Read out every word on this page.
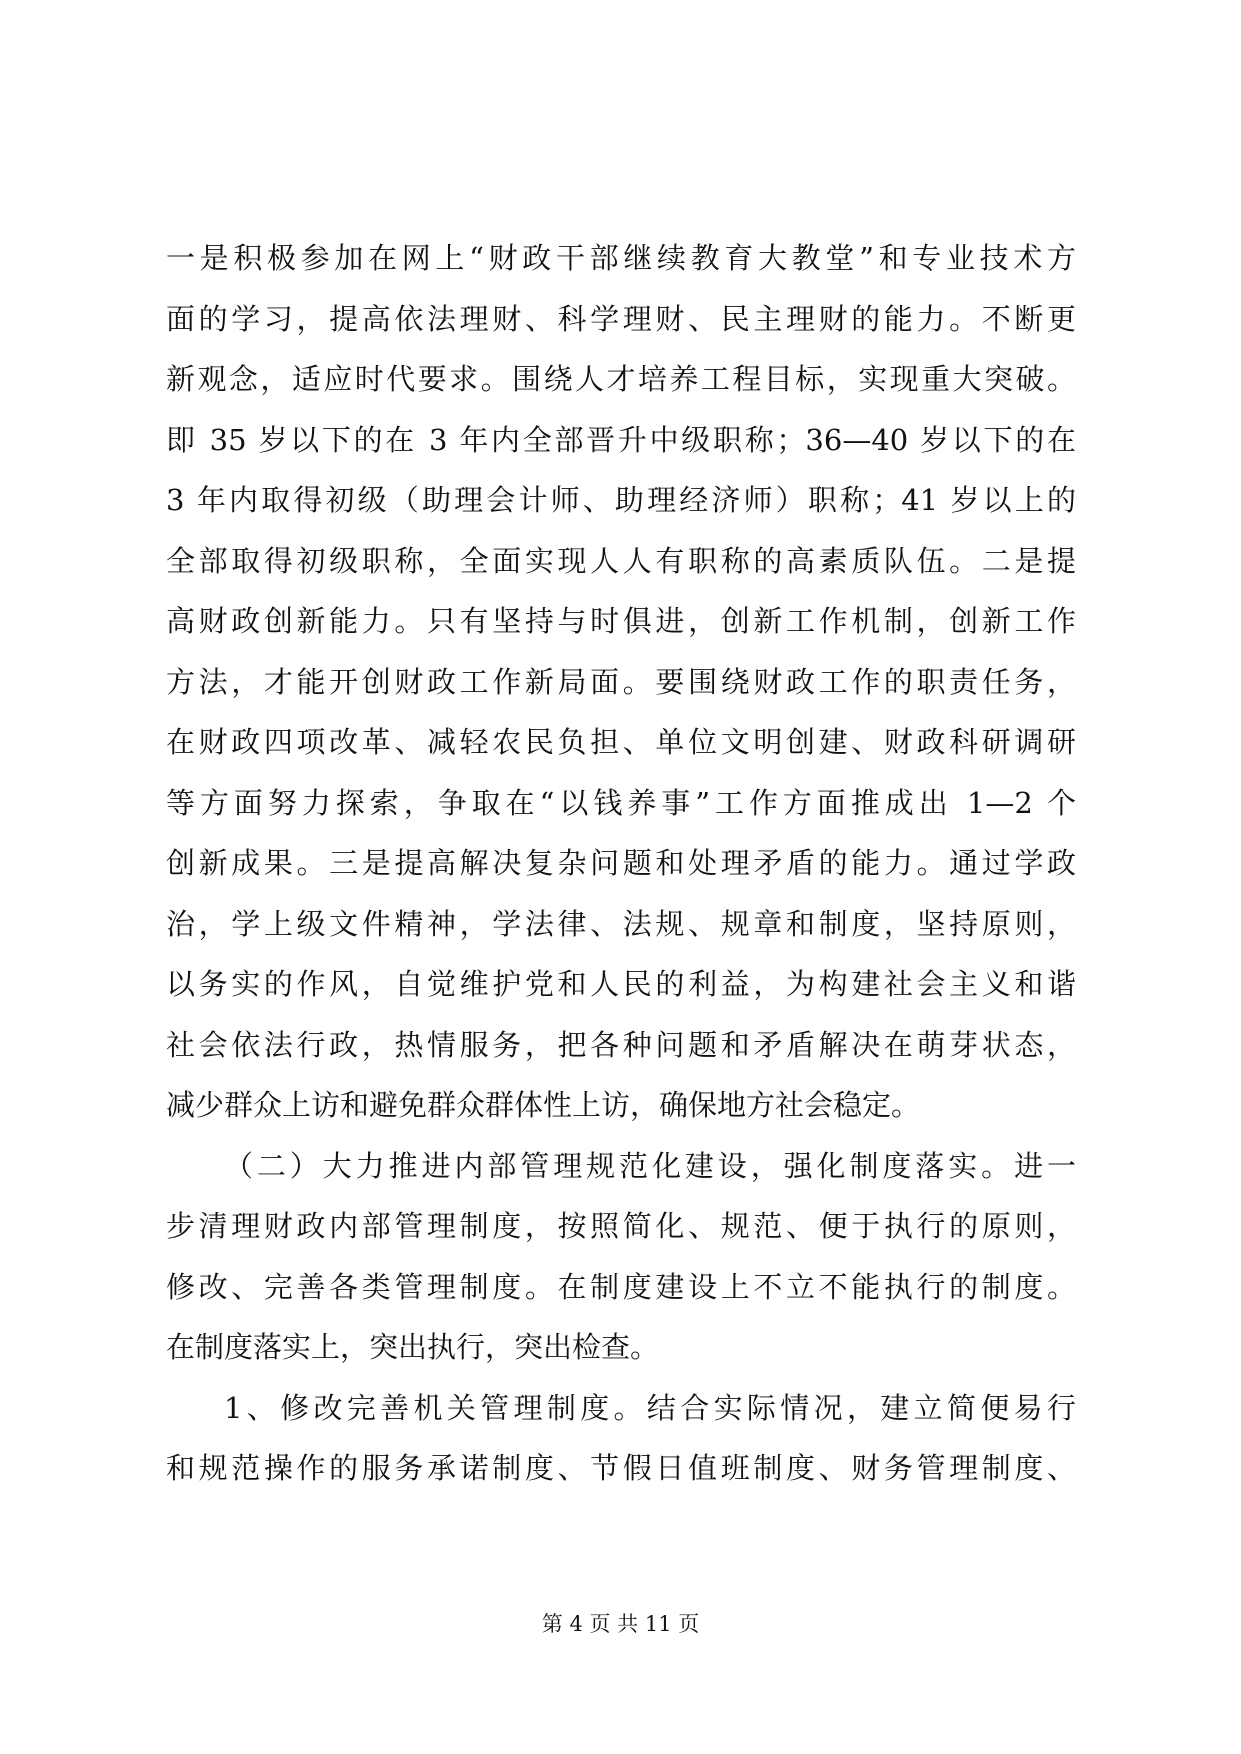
一是积极参加在网上“财政干部继续教育大教堂”和专业技术方
面的学习，提高依法理财、科学理财、民主理财的能力。不断更
新观念，适应时代要求。围绕人才培养工程目标，实现重大突破。
即 35 岁以下的在 3 年内全部晋升中级职称；36—40 岁以下的在
3 年内取得初级（助理会计师、助理经济师）职称；41 岁以上的
全部取得初级职称，全面实现人人有职称的高素质队伍。二是提
高财政创新能力。只有坚持与时俱进，创新工作机制，创新工作
方法，才能开创财政工作新局面。要围绕财政工作的职责任务，
在财政四项改革、减轻农民负担、单位文明创建、财政科研调研
等方面努力探索，争取在“以钱养事”工作方面推成出 1—2 个
创新成果。三是提高解决复杂问题和处理矛盾的能力。通过学政
治，学上级文件精神，学法律、法规、规章和制度，坚持原则，
以务实的作风，自觉维护党和人民的利益，为构建社会主义和谐
社会依法行政，热情服务，把各种问题和矛盾解决在萌芽状态，
减少群众上访和避免群众群体性上访，确保地方社会稳定。
（二）大力推进内部管理规范化建设，强化制度落实。进一
步清理财政内部管理制度，按照简化、规范、便于执行的原则，
修改、完善各类管理制度。在制度建设上不立不能执行的制度。
在制度落实上，突出执行，突出检查。
1、修改完善机关管理制度。结合实际情况，建立简便易行
和规范操作的服务承诺制度、节假日值班制度、财务管理制度、
第 4 页 共 11 页
